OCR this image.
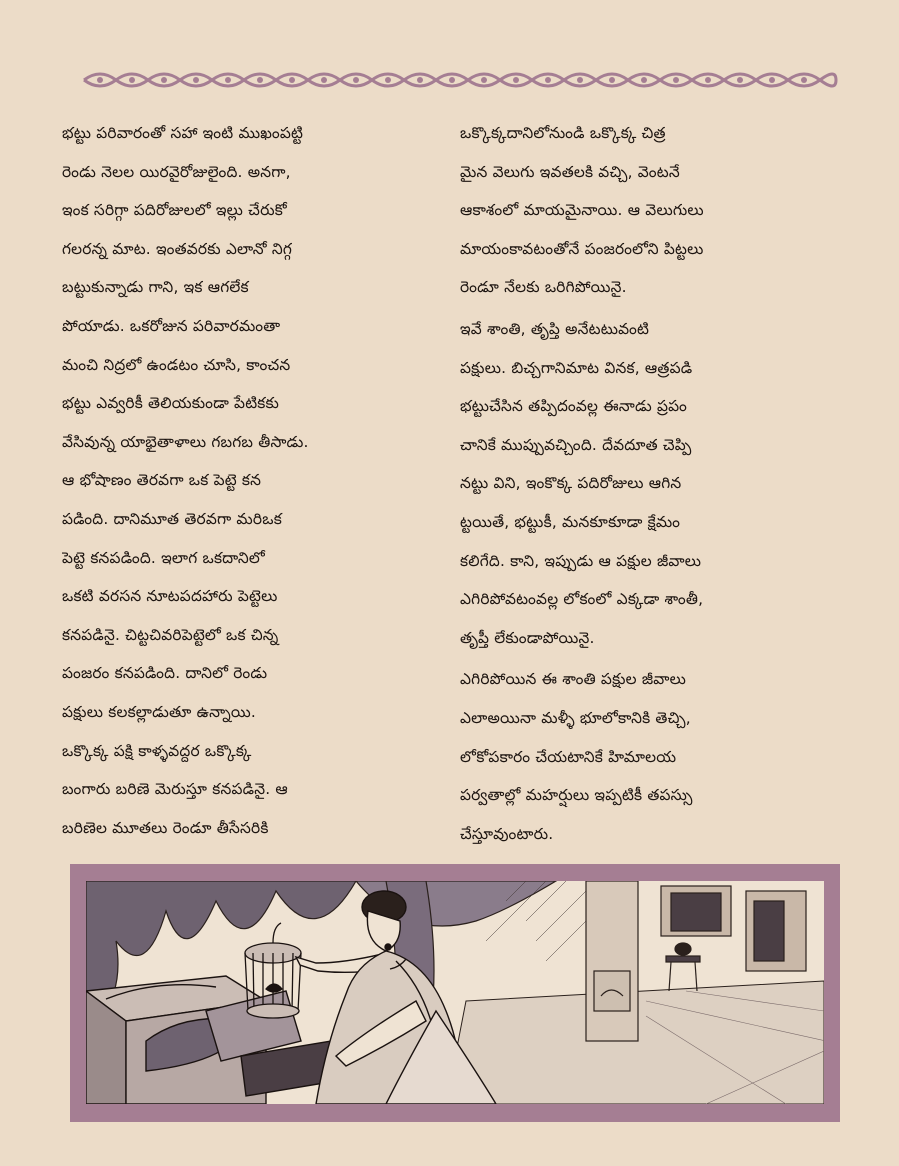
భట్టు పరివారంతో సహా ఇంటి ముఖంపట్టి
రెండు నెలల యిరవైరోజులైంది. అనగా,
ఇంక సరిగ్గా పదిరోజులలో ఇల్లు చేరుకో
గలరన్న మాట. ఇంతవరకు ఎలానో నిగ్గ
బట్టుకున్నాడు గాని, ఇక ఆగలేక
పోయాడు. ఒకరోజున పరివారమంతా
మంచి నిద్రలో ఉండటం చూసి, కాంచన
భట్టు ఎవ్వరికీ తెలియకుండా పేటికకు
వేసివున్న యాభైతాళాలు గబగబ తీసాడు.
ఆ భోషాణం తెరవగా ఒక పెట్టె కన
పడింది. దానిమూత తెరవగా మరిఒక
పెట్టె కనపడింది. ఇలాగ ఒకదానిలో
ఒకటి వరసన నూటపదహారు పెట్టెలు
కనపడినై. చిట్టచివరిపెట్టెలో ఒక చిన్న
పంజరం కనపడింది. దానిలో రెండు
పక్షులు కలకల్లాడుతూ ఉన్నాయి.
ఒక్కొక్క పక్షి కాళ్ళవద్దర ఒక్కొక్క
బంగారు బరిణె మెరుస్తూ కనపడినై. ఆ
బరిణెల మూతలు రెండూ తీసేసరికి

ఒక్కొక్కదానిలోనుండి ఒక్కొక్క చిత్ర
మైన వెలుగు ఇవతలకి వచ్చి, వెంటనే
ఆకాశంలో మాయమైనాయి. ఆ వెలుగులు
మాయంకావటంతోనే పంజరంలోని పిట్టలు
రెండూ నేలకు ఒరిగిపోయినై.

ఇవే శాంతి, తృప్తి అనేటటువంటి
పక్షులు. బిచ్చగానిమాట వినక, ఆత్రపడి
భట్టుచేసిన తప్పిదంవల్ల ఈనాడు ప్రపం
చానికే ముప్పువచ్చింది. దేవదూత చెప్పి
నట్టు విని, ఇంకొక్క పదిరోజులు ఆగిన
ట్టయితే, భట్టుకీ, మనకూకూడా క్షేమం
కలిగేది. కాని, ఇప్పుడు ఆ పక్షుల జీవాలు
ఎగిరిపోవటంవల్ల లోకంలో ఎక్కడా శాంతీ,
తృప్తీ లేకుండాపోయినై.

ఎగిరిపోయిన ఈ శాంతి పక్షుల జీవాలు
ఎలాఅయినా మళ్ళీ భూలోకానికి తెచ్చి,
లోకోపకారం చేయటానికే హిమాలయ
పర్వతాల్లో మహర్షులు ఇప్పటికీ తపస్సు
చేస్తూవుంటారు.
